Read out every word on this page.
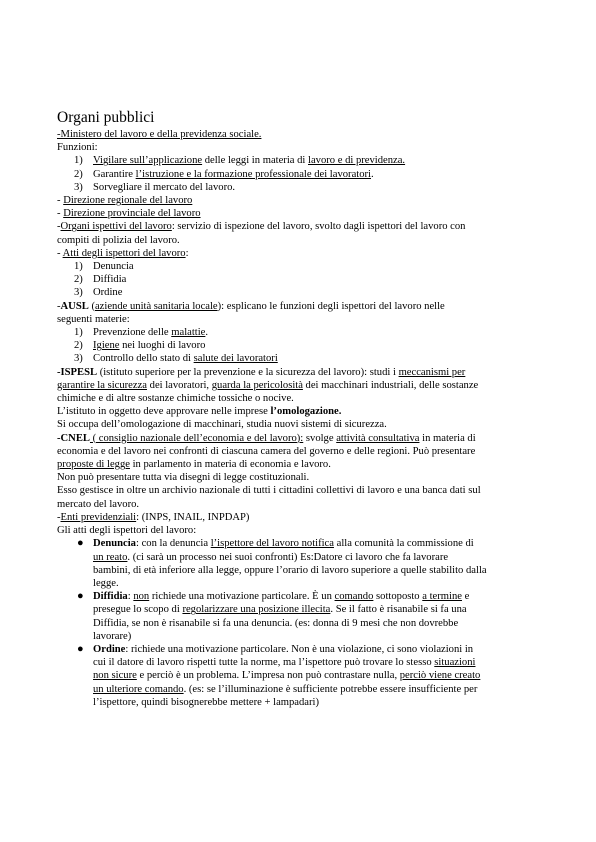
Organi pubblici
-Ministero del lavoro e della previdenza sociale.
Funzioni:
1) Vigilare sull’applicazione delle leggi in materia di lavoro e di previdenza.
2) Garantire l’istruzione e la formazione professionale dei lavoratori.
3) Sorvegliare il mercato del lavoro.
- Direzione regionale del lavoro
- Direzione provinciale del lavoro
-Organi ispettivi del lavoro: servizio di ispezione del lavoro, svolto dagli ispettori del lavoro con
compiti di polizia del lavoro.
- Atti degli ispettori del lavoro:
1) Denuncia
2) Diffidia
3) Ordine
-AUSL (aziende unità sanitaria locale): esplicano le funzioni degli ispettori del lavoro nelle
seguenti materie:
1) Prevenzione delle malattie.
2) Igiene nei luoghi di lavoro
3) Controllo dello stato di salute dei lavoratori
-ISPESL (istituto superiore per la prevenzione e la sicurezza del lavoro): studi i meccanismi per
garantire la sicurezza dei lavoratori, guarda la pericolosità dei macchinari industriali, delle sostanze
chimiche e di altre sostanze chimiche tossiche o nocive.
L’istituto in oggetto deve approvare nelle imprese l’omologazione.
Si occupa dell’omologazione di macchinari, studia nuovi sistemi di sicurezza.
-CNEL ( consiglio nazionale dell’economia e del lavoro): svolge attività consultativa in materia di
economia e del lavoro nei confronti di ciascuna camera del governo e delle regioni. Può presentare
proposte di legge in parlamento in materia di economia e lavoro.
Non può presentare tutta via disegni di legge costituzionali.
Esso gestisce in oltre un archivio nazionale di tutti i cittadini collettivi di lavoro e una banca dati sul
mercato del lavoro.
-Enti previdenziali: (INPS, INAIL, INPDAP)
Gli atti degli ispettori del lavoro:
● Denuncia: con la denuncia l’ispettore del lavoro notifica alla comunità la commissione di
un reato. (ci sarà un processo nei suoi confronti) Es:Datore ci lavoro che fa lavorare
bambini, di età inferiore alla legge, oppure l’orario di lavoro superiore a quelle stabilito dalla
legge.
● Diffidia: non richiede una motivazione particolare. È un comando sottoposto a termine e
presegue lo scopo di regolarizzare una posizione illecita. Se il fatto è risanabile si fa una
Diffidia, se non è risanabile si fa una denuncia. (es: donna di 9 mesi che non dovrebbe
lavorare)
● Ordine: richiede una motivazione particolare. Non è una violazione, ci sono violazioni in
cui il datore di lavoro rispetti tutte la norme, ma l’ispettore può trovare lo stesso situazioni
non sicure e perciò è un problema. L’impresa non può contrastare nulla, perciò viene creato
un ulteriore comando. (es: se l’illuminazione è sufficiente potrebbe essere insufficiente per
l’ispettore, quindi bisognerebbe mettere + lampadari)
